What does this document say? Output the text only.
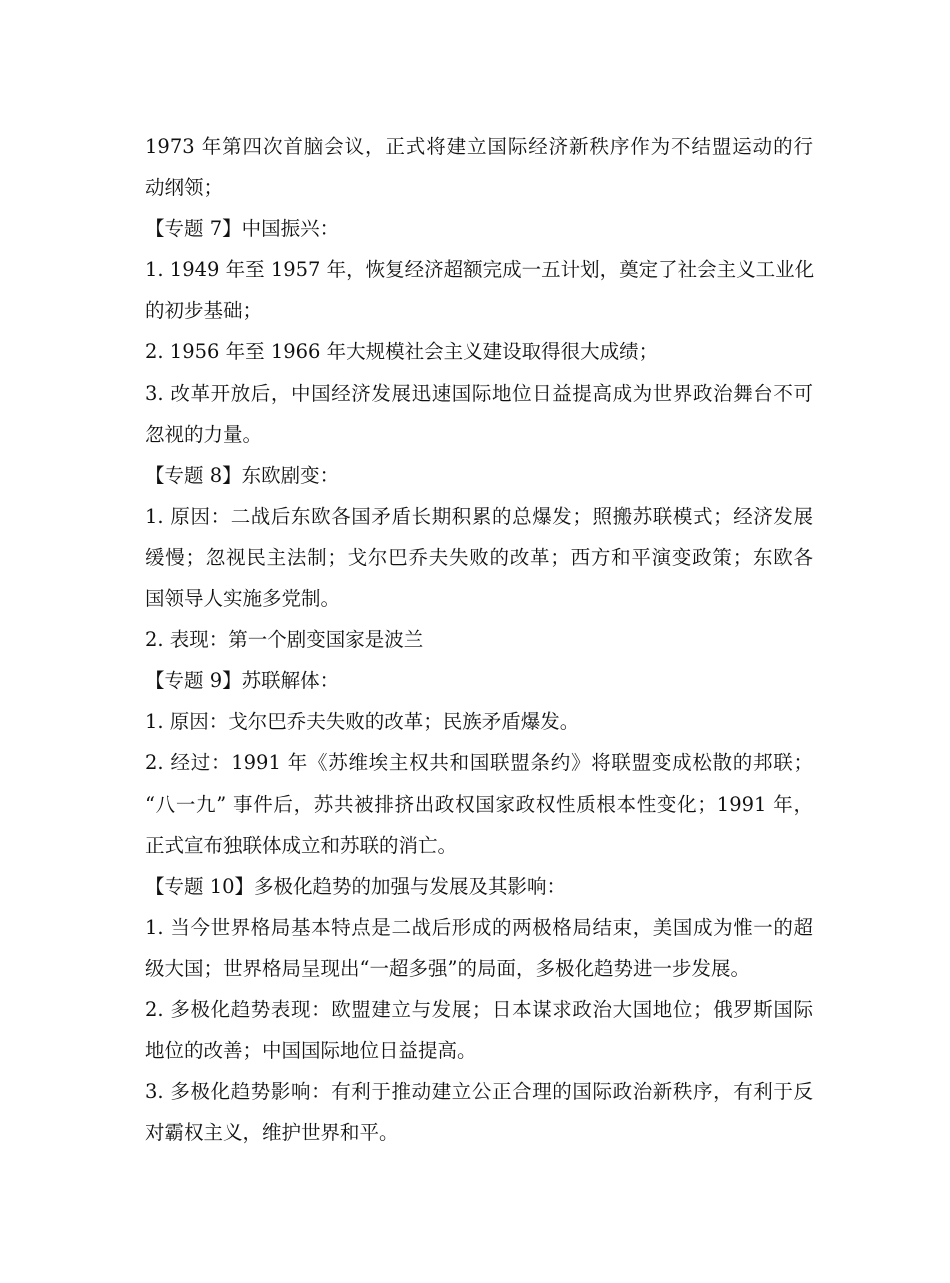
1973 年第四次首脑会议，正式将建立国际经济新秩序作为不结盟运动的行
动纲领；
【专题 7】中国振兴：
1. 1949 年至 1957 年，恢复经济超额完成一五计划，奠定了社会主义工业化
的初步基础；
2. 1956 年至 1966 年大规模社会主义建设取得很大成绩；
3. 改革开放后，中国经济发展迅速国际地位日益提高成为世界政治舞台不可
忽视的力量。
【专题 8】东欧剧变：
1. 原因：二战后东欧各国矛盾长期积累的总爆发；照搬苏联模式；经济发展
缓慢；忽视民主法制；戈尔巴乔夫失败的改革；西方和平演变政策；东欧各
国领导人实施多党制。
2. 表现：第一个剧变国家是波兰
【专题 9】苏联解体：
1. 原因：戈尔巴乔夫失败的改革；民族矛盾爆发。
2. 经过：1991 年《苏维埃主权共和国联盟条约》将联盟变成松散的邦联；
“八一九” 事件后，苏共被排挤出政权国家政权性质根本性变化；1991 年，
正式宣布独联体成立和苏联的消亡。
【专题 10】多极化趋势的加强与发展及其影响：
1. 当今世界格局基本特点是二战后形成的两极格局结束，美国成为惟一的超
级大国；世界格局呈现出“一超多强”的局面，多极化趋势进一步发展。
2. 多极化趋势表现：欧盟建立与发展；日本谋求政治大国地位；俄罗斯国际
地位的改善；中国国际地位日益提高。
3. 多极化趋势影响：有利于推动建立公正合理的国际政治新秩序，有利于反
对霸权主义，维护世界和平。
